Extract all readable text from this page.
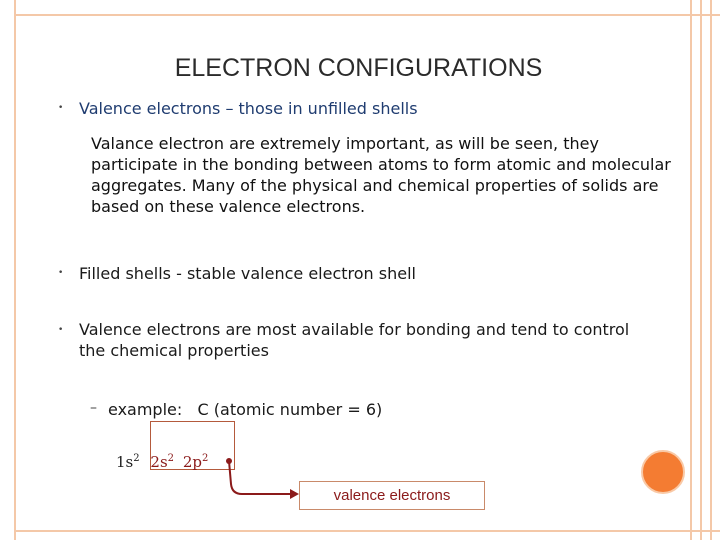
ELECTRON CONFIGURATIONS
• Valence electrons – those in unfilled shells
Valance electron are extremely important, as will be seen, they
participate in the bonding between atoms to form atomic and molecular
aggregates. Many of the physical and chemical properties of solids are
based on these valence electrons.
• Filled shells - stable valence electron shell
• Valence electrons are most available for bonding and tend to control
the chemical properties
– example:   C (atomic number = 6)
$1s^2$ $2s^2$ $2p^2$
valence electrons
